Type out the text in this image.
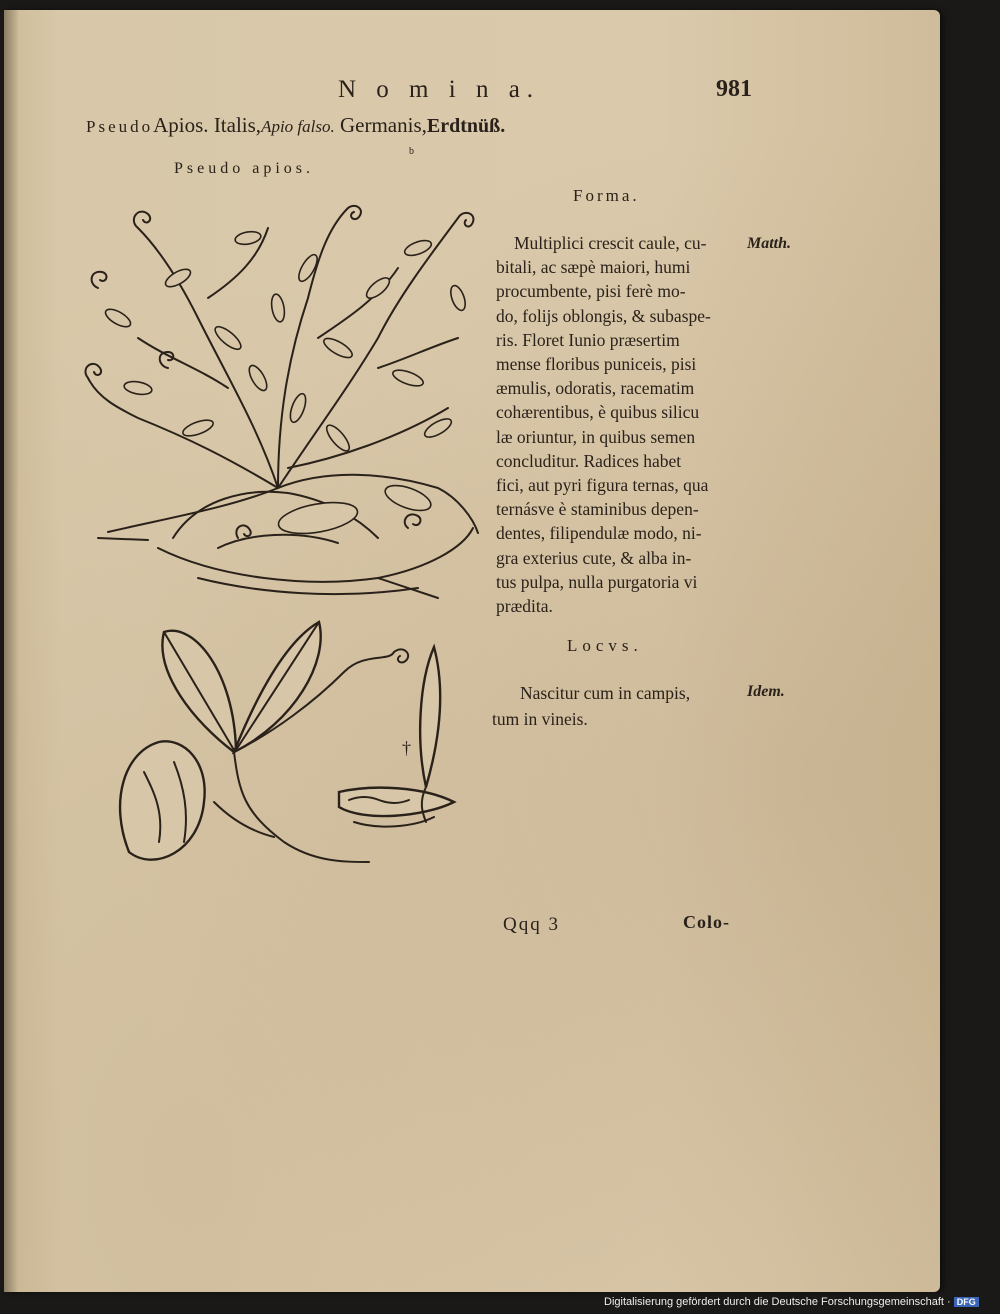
N o m i n a.	981
PseudoApios. Italis,Apio falso. Germanis,Erdtnüß.
Pseudo apios.
b
†
Forma.
Multiplici crescit caule, cu-
bitali, ac sæpè maiori, humi
procumbente, pisi ferè mo-
do, folijs oblongis, & subaspe-
ris. Floret Iunio præsertim
mense floribus puniceis, pisi
æmulis, odoratis, racematim
cohærentibus, è quibus silicu
læ oriuntur, in quibus semen
concluditur. Radices habet
fici, aut pyri figura ternas, qua
ternásve è staminibus depen-
dentes, filipendulæ modo, ni-
gra exterius cute, & alba in-
tus pulpa, nulla purgatoria vi
prædita.
Matth.
Locvs.
Nascitur cum in campis,
tum in vineis.
Idem.
Qqq 3	Colo-
Digitalisierung gefördert durch die Deutsche Forschungsgemeinschaft · DFG
